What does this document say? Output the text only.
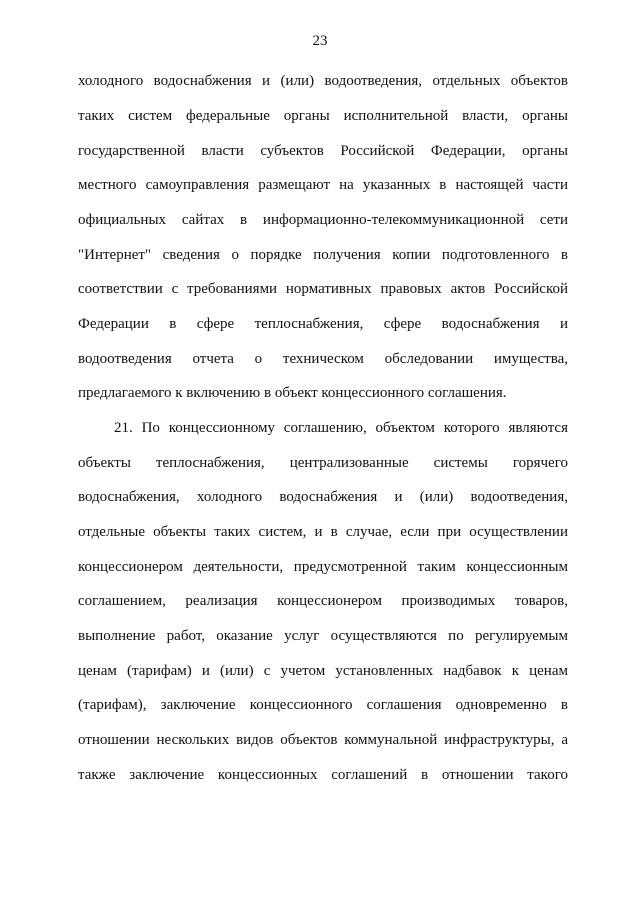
23
холодного водоснабжения и (или) водоотведения, отдельных объектов
таких систем федеральные органы исполнительной власти, органы
государственной власти субъектов Российской Федерации, органы
местного самоуправления размещают на указанных в настоящей части
официальных сайтах в информационно-телекоммуникационной сети
"Интернет" сведения о порядке получения копии подготовленного в
соответствии с требованиями нормативных правовых актов Российской
Федерации в сфере теплоснабжения, сфере водоснабжения и
водоотведения отчета о техническом обследовании имущества,
предлагаемого к включению в объект концессионного соглашения.
21. По концессионному соглашению, объектом которого являются
объекты теплоснабжения, централизованные системы горячего
водоснабжения, холодного водоснабжения и (или) водоотведения,
отдельные объекты таких систем, и в случае, если при осуществлении
концессионером деятельности, предусмотренной таким концессионным
соглашением, реализация концессионером производимых товаров,
выполнение работ, оказание услуг осуществляются по регулируемым
ценам (тарифам) и (или) с учетом установленных надбавок к ценам
(тарифам), заключение концессионного соглашения одновременно в
отношении нескольких видов объектов коммунальной инфраструктуры, а
также заключение концессионных соглашений в отношении такого
